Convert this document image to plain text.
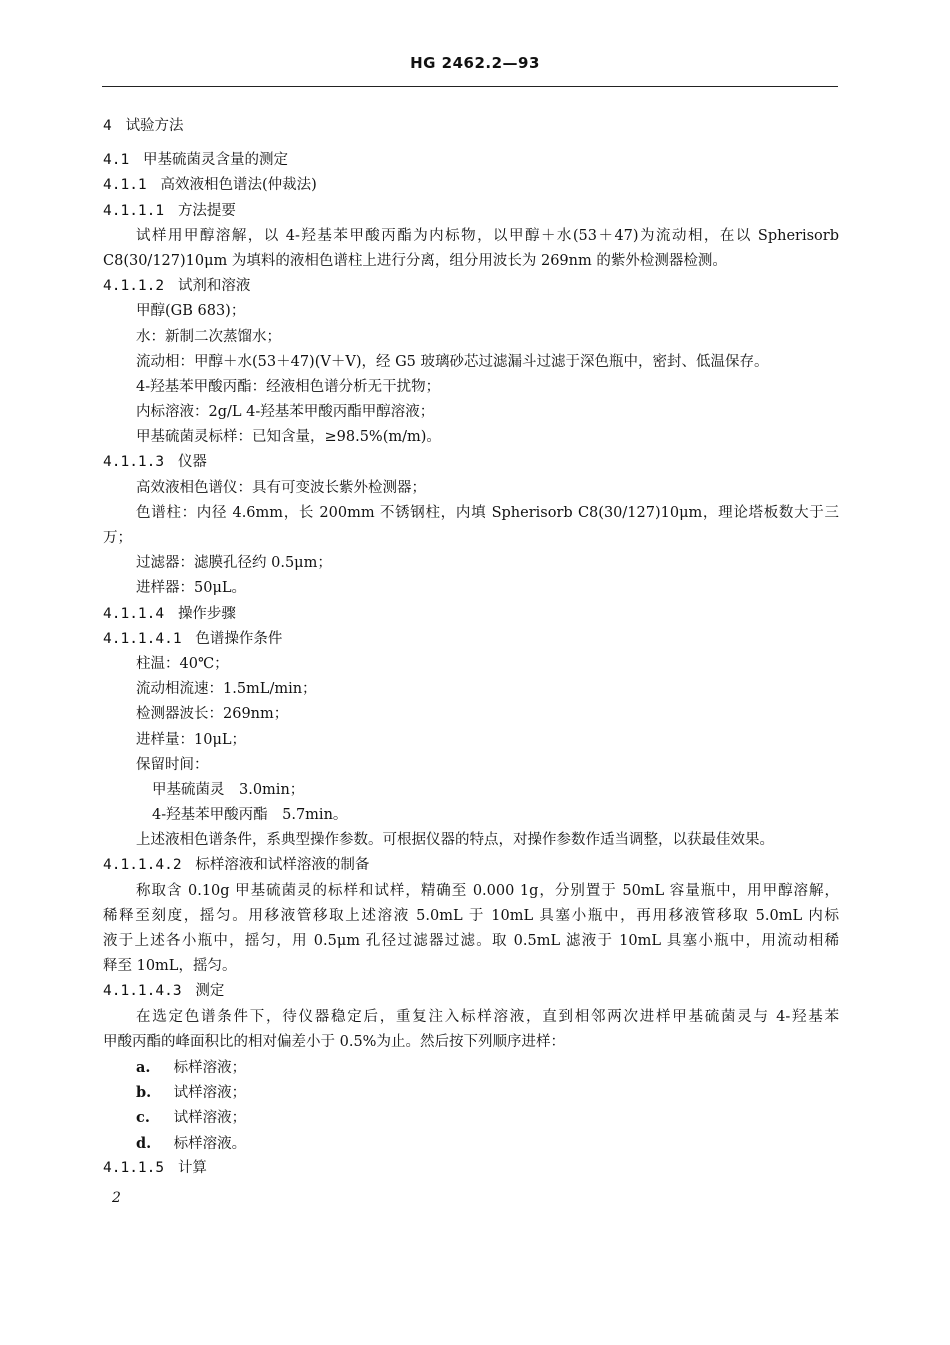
HG 2462.2—93
4 试验方法
4.1 甲基硫菌灵含量的测定
4.1.1 高效液相色谱法(仲裁法)
4.1.1.1 方法提要
试样用甲醇溶解，以 4-羟基苯甲酸丙酯为内标物，以甲醇＋水(53＋47)为流动相，在以 Spherisorb
C8(30/127)10μm 为填料的液相色谱柱上进行分离，组分用波长为 269nm 的紫外检测器检测。
4.1.1.2 试剂和溶液
甲醇(GB 683)；
水：新制二次蒸馏水；
流动相：甲醇＋水(53＋47)(V＋V)，经 G5 玻璃砂芯过滤漏斗过滤于深色瓶中，密封、低温保存。
4-羟基苯甲酸丙酯：经液相色谱分析无干扰物；
内标溶液：2g/L 4-羟基苯甲酸丙酯甲醇溶液；
甲基硫菌灵标样：已知含量，≥98.5%(m/m)。
4.1.1.3 仪器
高效液相色谱仪：具有可变波长紫外检测器；
色谱柱：内径 4.6mm，长 200mm 不锈钢柱，内填 Spherisorb C8(30/127)10μm，理论塔板数大于三
万；
过滤器：滤膜孔径约 0.5μm；
进样器：50μL。
4.1.1.4 操作步骤
4.1.1.4.1 色谱操作条件
柱温：40℃；
流动相流速：1.5mL/min；
检测器波长：269nm；
进样量：10μL；
保留时间：
甲基硫菌灵　3.0min；
4-羟基苯甲酸丙酯　5.7min。
上述液相色谱条件，系典型操作参数。可根据仪器的特点，对操作参数作适当调整，以获最佳效果。
4.1.1.4.2 标样溶液和试样溶液的制备
称取含 0.10g 甲基硫菌灵的标样和试样，精确至 0.000 1g，分别置于 50mL 容量瓶中，用甲醇溶解，
稀释至刻度，摇匀。用移液管移取上述溶液 5.0mL 于 10mL 具塞小瓶中，再用移液管移取 5.0mL 内标
液于上述各小瓶中，摇匀，用 0.5μm 孔径过滤器过滤。取 0.5mL 滤液于 10mL 具塞小瓶中，用流动相稀
释至 10mL，摇匀。
4.1.1.4.3 测定
在选定色谱条件下，待仪器稳定后，重复注入标样溶液，直到相邻两次进样甲基硫菌灵与 4-羟基苯
甲酸丙酯的峰面积比的相对偏差小于 0.5%为止。然后按下列顺序进样：
a. 标样溶液；
b. 试样溶液；
c. 试样溶液；
d. 标样溶液。
4.1.1.5 计算
2
